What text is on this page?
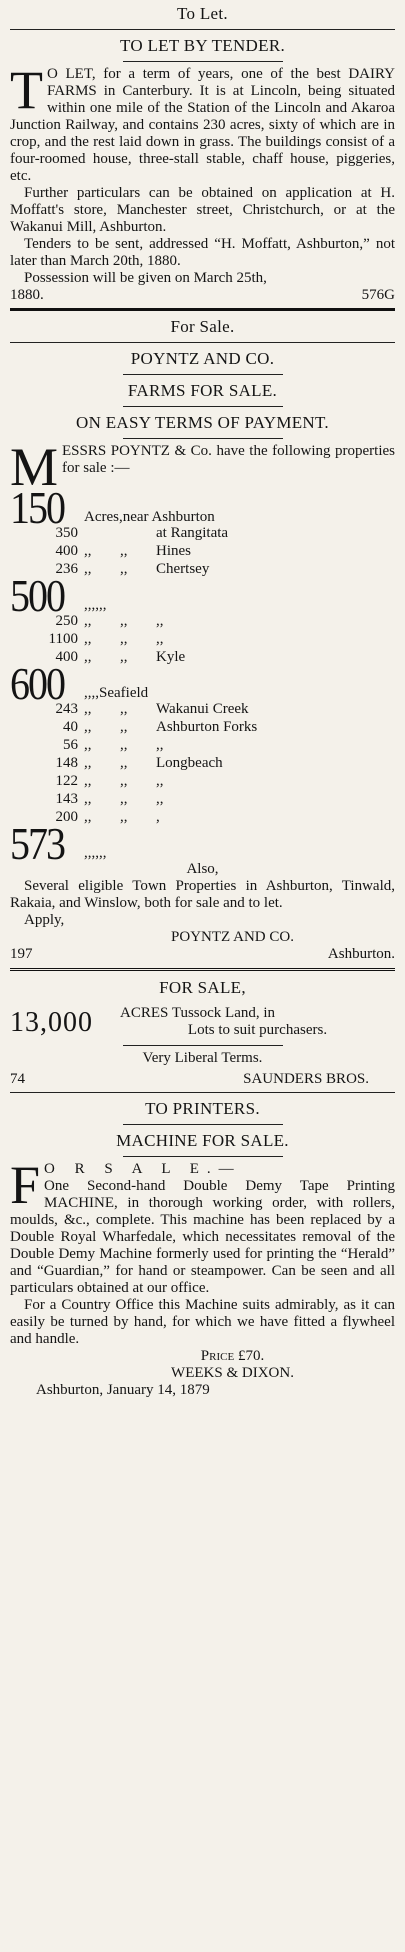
To Let.
TO LET BY TENDER.
T O LET, for a term of years, one of the best DAIRY FARMS in Canterbury. It is at Lincoln, being situated within one mile of the Station of the Lincoln and Akaroa Junction Railway, and contains 230 acres, sixty of which are in crop, and the rest laid down in grass. The buildings consist of a four-roomed house, three-stall stable, chaff house, piggeries, etc.
Further particulars can be obtained on application at H. Moffatt's store, Manchester street, Christchurch, or at the Wakanui Mill, Ashburton.
Tenders to be sent, addressed “H. Moffatt, Ashburton,” not later than March 20th, 1880.
Possession will be given on March 25th,
1880.	576G
For Sale.
POYNTZ AND CO.
FARMS FOR SALE.
ON EASY TERMS OF PAYMENT.
M ESSRS POYNTZ & Co. have the following properties for sale :—
150	Acres, near Ashburton
350	at Rangitata
400 ,,	,,	Hines
236 ,,	,,	Chertsey
500	,, ,, ,,
250 ,,	,,	,,
1100 ,,	,,	,,
400 ,,	,,	Kyle
600	,, ,, Seafield
243 ,,	,,	Wakanui Creek
40 ,,	,,	Ashburton Forks
56 ,,	,,	,,
148 ,,	,,	Longbeach
122 ,,	,,	,,
143 ,,	,,	,,
200 ,,	,,	,
573	,, ,, ,,
Also,
Several eligible Town Properties in Ashburton, Tinwald, Rakaia, and Winslow, both for sale and to let.
Apply,
POYNTZ AND CO.
197	Ashburton.
FOR SALE,
13,000	ACRES Tussock Land, in
Lots to suit purchasers.
Very Liberal Terms.
74	SAUNDERS BROS.
TO PRINTERS.
MACHINE FOR SALE.
F O R S A L E.—
One Second-hand Double Demy Tape Printing MACHINE, in thorough working order, with rollers, moulds, &c., complete. This machine has been replaced by a Double Royal Wharfedale, which necessitates removal of the Double Demy Machine formerly used for printing the “Herald” and “Guardian,” for hand or steampower. Can be seen and all particulars obtained at our office.
For a Country Office this Machine suits admirably, as it can easily be turned by hand, for which we have fitted a flywheel and handle.
Price £70.
WEEKS & DIXON.
Ashburton, January 14, 1879
